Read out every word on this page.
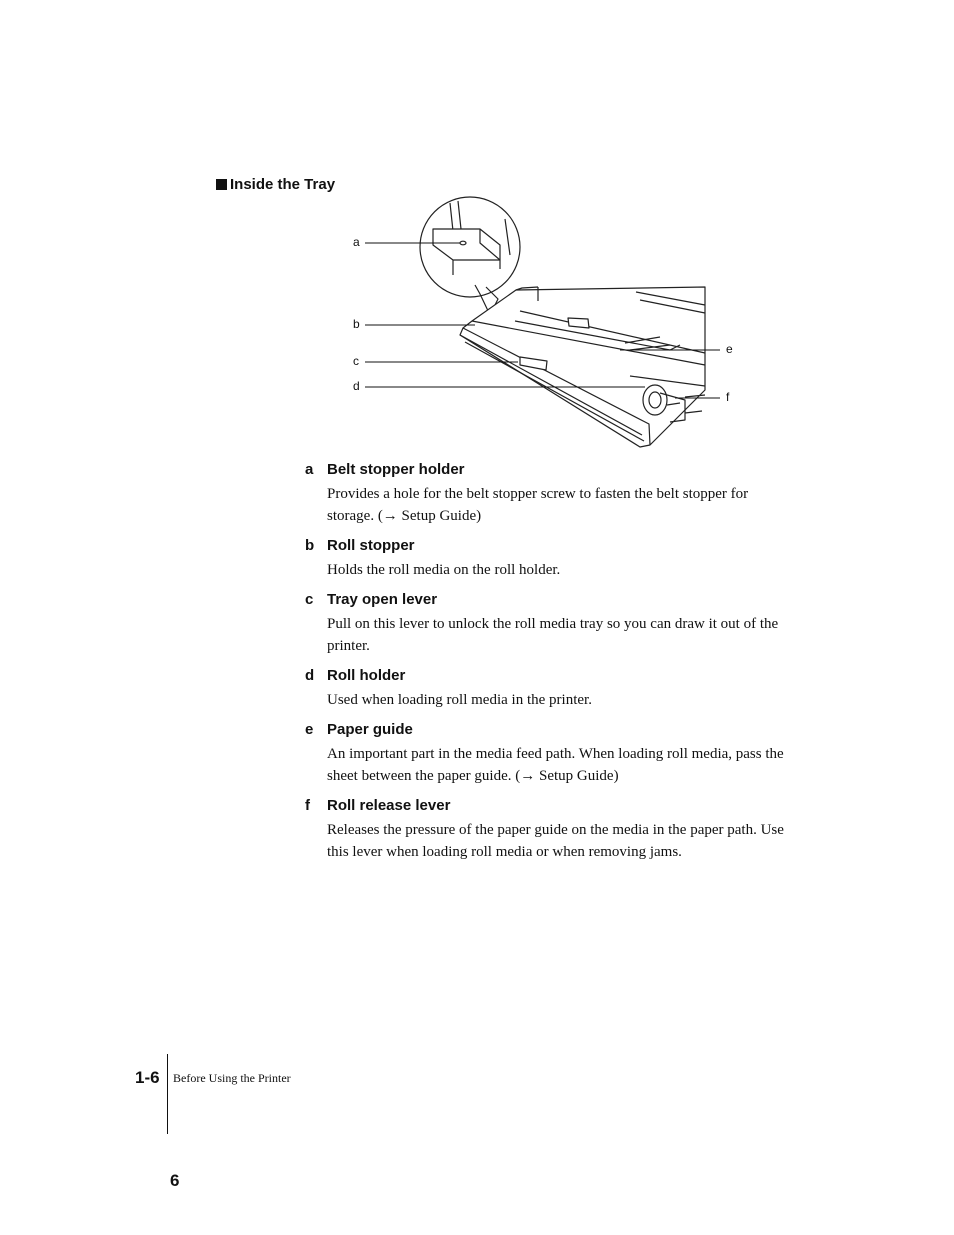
Inside the Tray
a
b
c
d
e
f
a Belt stopper holder
Provides a hole for the belt stopper screw to fasten the belt stopper for storage. (→ Setup Guide)
b Roll stopper
Holds the roll media on the roll holder.
c Tray open lever
Pull on this lever to unlock the roll media tray so you can draw it out of the printer.
d Roll holder
Used when loading roll media in the printer.
e Paper guide
An important part in the media feed path. When loading roll media, pass the sheet between the paper guide. (→ Setup Guide)
f	Roll release lever
Releases the pressure of the paper guide on the media in the paper path. Use this lever when loading roll media or when removing jams.
1-6 Before Using the Printer
6
